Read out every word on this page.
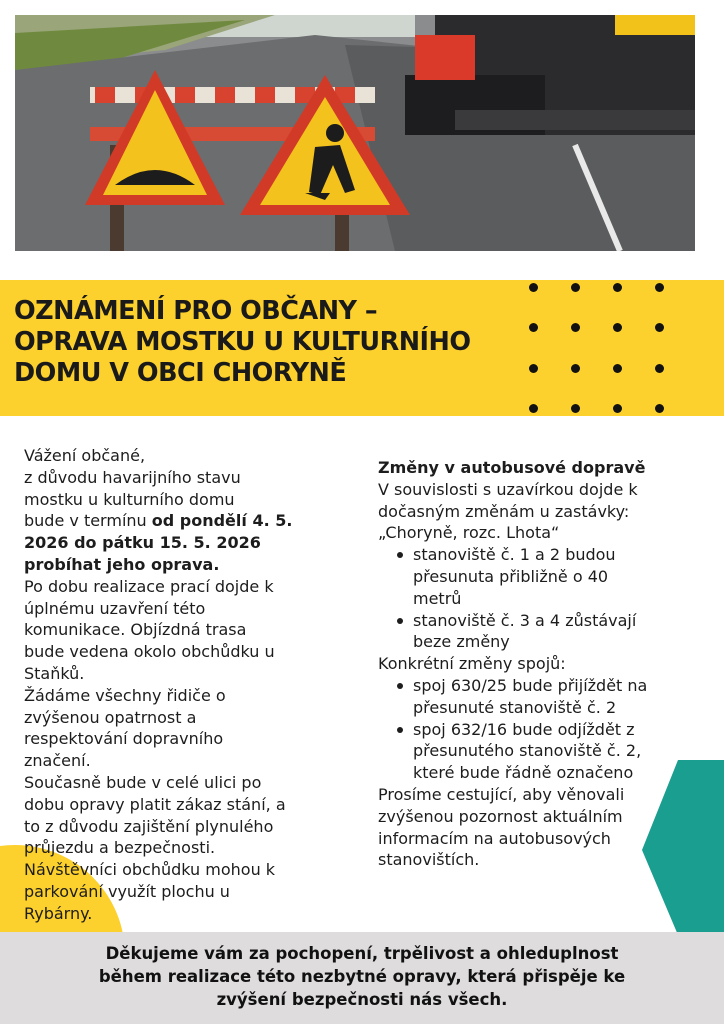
OZNÁMENÍ PRO OBČANY –
OPRAVA MOSTKU U KULTURNÍHO
DOMU V OBCI CHORYNĚ

Vážení občané,

z důvodu havarijního stavu

mostku u kulturního domu

bude v termínu od pondělí 4. 5.

2026 do pátku 15. 5. 2026

probíhat jeho oprava.

Po dobu realizace prací dojde k

úplnému uzavření této

komunikace. Objízdná trasa

bude vedena okolo obchůdku u

Staňků.

Žádáme všechny řidiče o

zvýšenou opatrnost a

respektování dopravního

značení.

Současně bude v celé ulici po

dobu opravy platit zákaz stání, a

to z důvodu zajištění plynulého

průjezdu a bezpečnosti.

Návštěvníci obchůdku mohou k

parkování využít plochu u

Rybárny.

Změny v autobusové dopravě

V souvislosti s uzavírkou dojde k

dočasným změnám u zastávky:

„Choryně, rozc. Lhota“

stanoviště č. 1 a 2 budou
přesunuta přibližně o 40
metrů
stanoviště č. 3 a 4 zůstávají
beze změny

Konkrétní změny spojů:

spoj 630/25 bude přijíždět na
přesunuté stanoviště č. 2
spoj 632/16 bude odjíždět z
přesunutého stanoviště č. 2,
které bude řádně označeno

Prosíme cestující, aby věnovali

zvýšenou pozornost aktuálním

informacím na autobusových

stanovištích.

Děkujeme vám za pochopení, trpělivost a ohleduplnost
během realizace této nezbytné opravy, která přispěje ke
zvýšení bezpečnosti nás všech.
